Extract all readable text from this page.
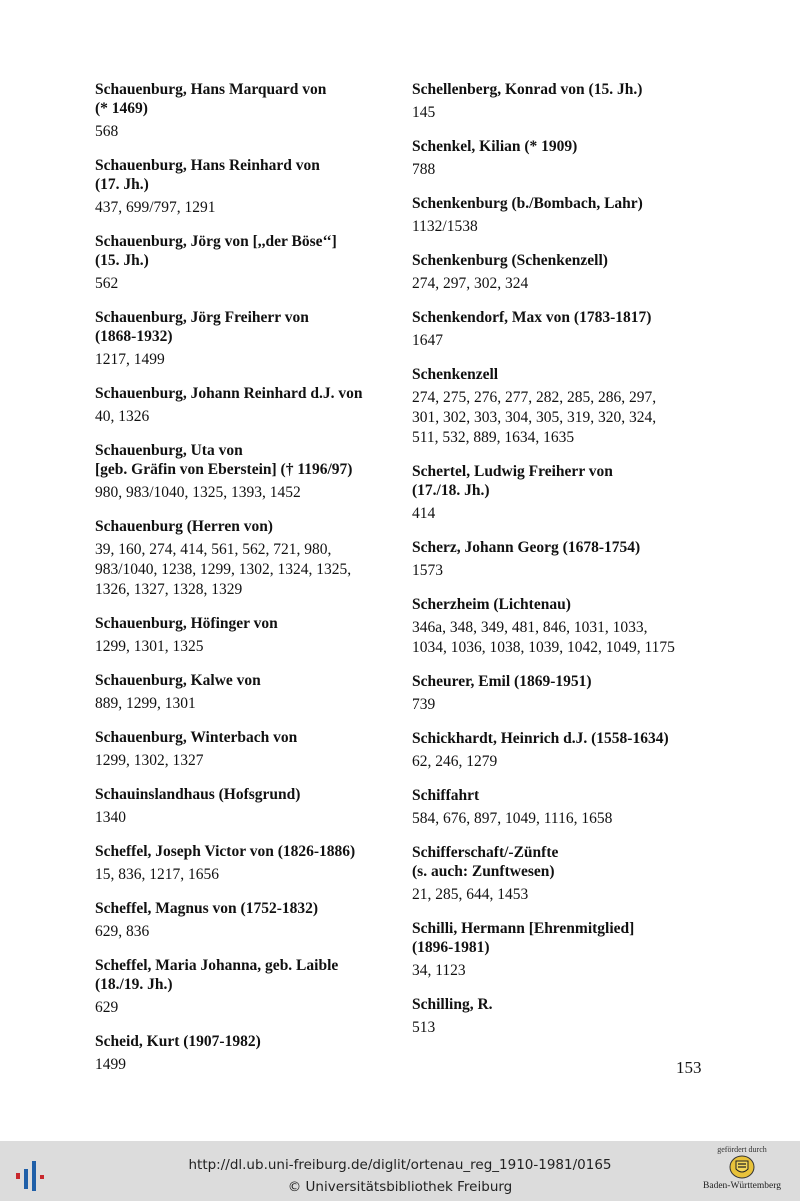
Schauenburg, Hans Marquard von
(* 1469)
568
Schauenburg, Hans Reinhard von
(17. Jh.)
437, 699/797, 1291
Schauenburg, Jörg von [,,der Böse‘‘]
(15. Jh.)
562
Schauenburg, Jörg Freiherr von
(1868-1932)
1217, 1499
Schauenburg, Johann Reinhard d.J. von
40, 1326
Schauenburg, Uta von
[geb. Gräfin von Eberstein] († 1196/97)
980, 983/1040, 1325, 1393, 1452
Schauenburg (Herren von)
39, 160, 274, 414, 561, 562, 721, 980,
983/1040, 1238, 1299, 1302, 1324, 1325,
1326, 1327, 1328, 1329
Schauenburg, Höfinger von
1299, 1301, 1325
Schauenburg, Kalwe von
889, 1299, 1301
Schauenburg, Winterbach von
1299, 1302, 1327
Schauinslandhaus (Hofsgrund)
1340
Scheffel, Joseph Victor von (1826-1886)
15, 836, 1217, 1656
Scheffel, Magnus von (1752-1832)
629, 836
Scheffel, Maria Johanna, geb. Laible
(18./19. Jh.)
629
Scheid, Kurt (1907-1982)
1499
Schellenberg, Konrad von (15. Jh.)
145
Schenkel, Kilian (* 1909)
788
Schenkenburg (b./Bombach, Lahr)
1132/1538
Schenkenburg (Schenkenzell)
274, 297, 302, 324
Schenkendorf, Max von (1783-1817)
1647
Schenkenzell
274, 275, 276, 277, 282, 285, 286, 297,
301, 302, 303, 304, 305, 319, 320, 324,
511, 532, 889, 1634, 1635
Schertel, Ludwig Freiherr von
(17./18. Jh.)
414
Scherz, Johann Georg (1678-1754)
1573
Scherzheim (Lichtenau)
346a, 348, 349, 481, 846, 1031, 1033,
1034, 1036, 1038, 1039, 1042, 1049, 1175
Scheurer, Emil (1869-1951)
739
Schickhardt, Heinrich d.J. (1558-1634)
62, 246, 1279
Schiffahrt
584, 676, 897, 1049, 1116, 1658
Schifferschaft/-Zünfte
(s. auch: Zunftwesen)
21, 285, 644, 1453
Schilli, Hermann [Ehrenmitglied]
(1896-1981)
34, 1123
Schilling, R.
513
153
http://dl.ub.uni-freiburg.de/diglit/ortenau_reg_1910-1981/0165
© Universitätsbibliothek Freiburg
gefördert durch
Baden-Württemberg
